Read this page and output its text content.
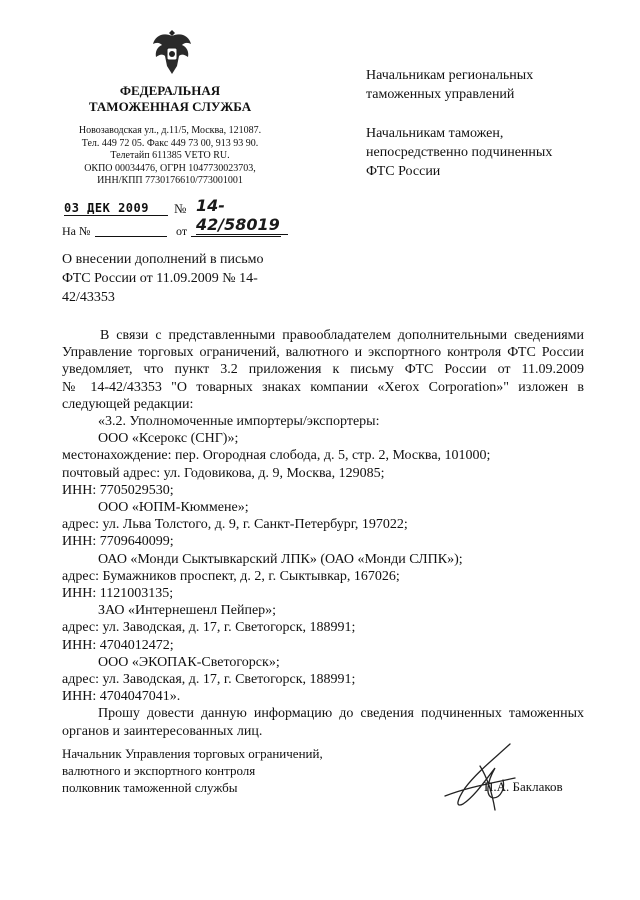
ФЕДЕРАЛЬНАЯ
ТАМОЖЕННАЯ СЛУЖБА
Новозаводская ул., д.11/5, Москва, 121087.
Тел. 449 72 05. Факс 449 73 00, 913 93 90.
Телетайп 611385 VETO RU.
ОКПО 00034476, ОГРН 1047730023703,
ИНН/КПП 7730176610/773001001
03 ДЕК 2009	№ 14-42/58019
На №	от
Начальникам региональных
таможенных управлений
Начальникам таможен,
непосредственно подчиненных
ФТС России
О внесении дополнений в письмо
ФТС России от 11.09.2009 № 14-
42/43353
В связи с представленными правообладателем дополнительными сведениями
Управление торговых ограничений, валютного и экспортного контроля ФТС России
уведомляет, что пункт 3.2 приложения к письму ФТС России от 11.09.2009
№ 14-42/43353 "О товарных знаках компании «Xerox Corporation»" изложен в
следующей редакции:
«3.2. Уполномоченные импортеры/экспортеры:
ООО «Ксерокс (СНГ)»;
местонахождение: пер. Огородная слобода, д. 5, стр. 2, Москва, 101000;
почтовый адрес: ул. Годовикова, д. 9, Москва, 129085;
ИНН: 7705029530;
ООО «ЮПМ-Кюммене»;
адрес: ул. Льва Толстого, д. 9, г. Санкт-Петербург, 197022;
ИНН: 7709640099;
ОАО «Монди Сыктывкарский ЛПК» (ОАО «Монди СЛПК»);
адрес: Бумажников проспект, д. 2, г. Сыктывкар, 167026;
ИНН: 1121003135;
ЗАО «Интернешенл Пейпер»;
адрес: ул. Заводская, д. 17, г. Светогорск, 188991;
ИНН: 4704012472;
ООО «ЭКОПАК-Светогорск»;
адрес: ул. Заводская, д. 17, г. Светогорск, 188991;
ИНН: 4704047041».
Прошу довести данную информацию до сведения подчиненных таможенных
органов и заинтересованных лиц.
Начальник Управления торговых ограничений,
валютного и экспортного контроля
полковник таможенной службы	П.А. Баклаков
